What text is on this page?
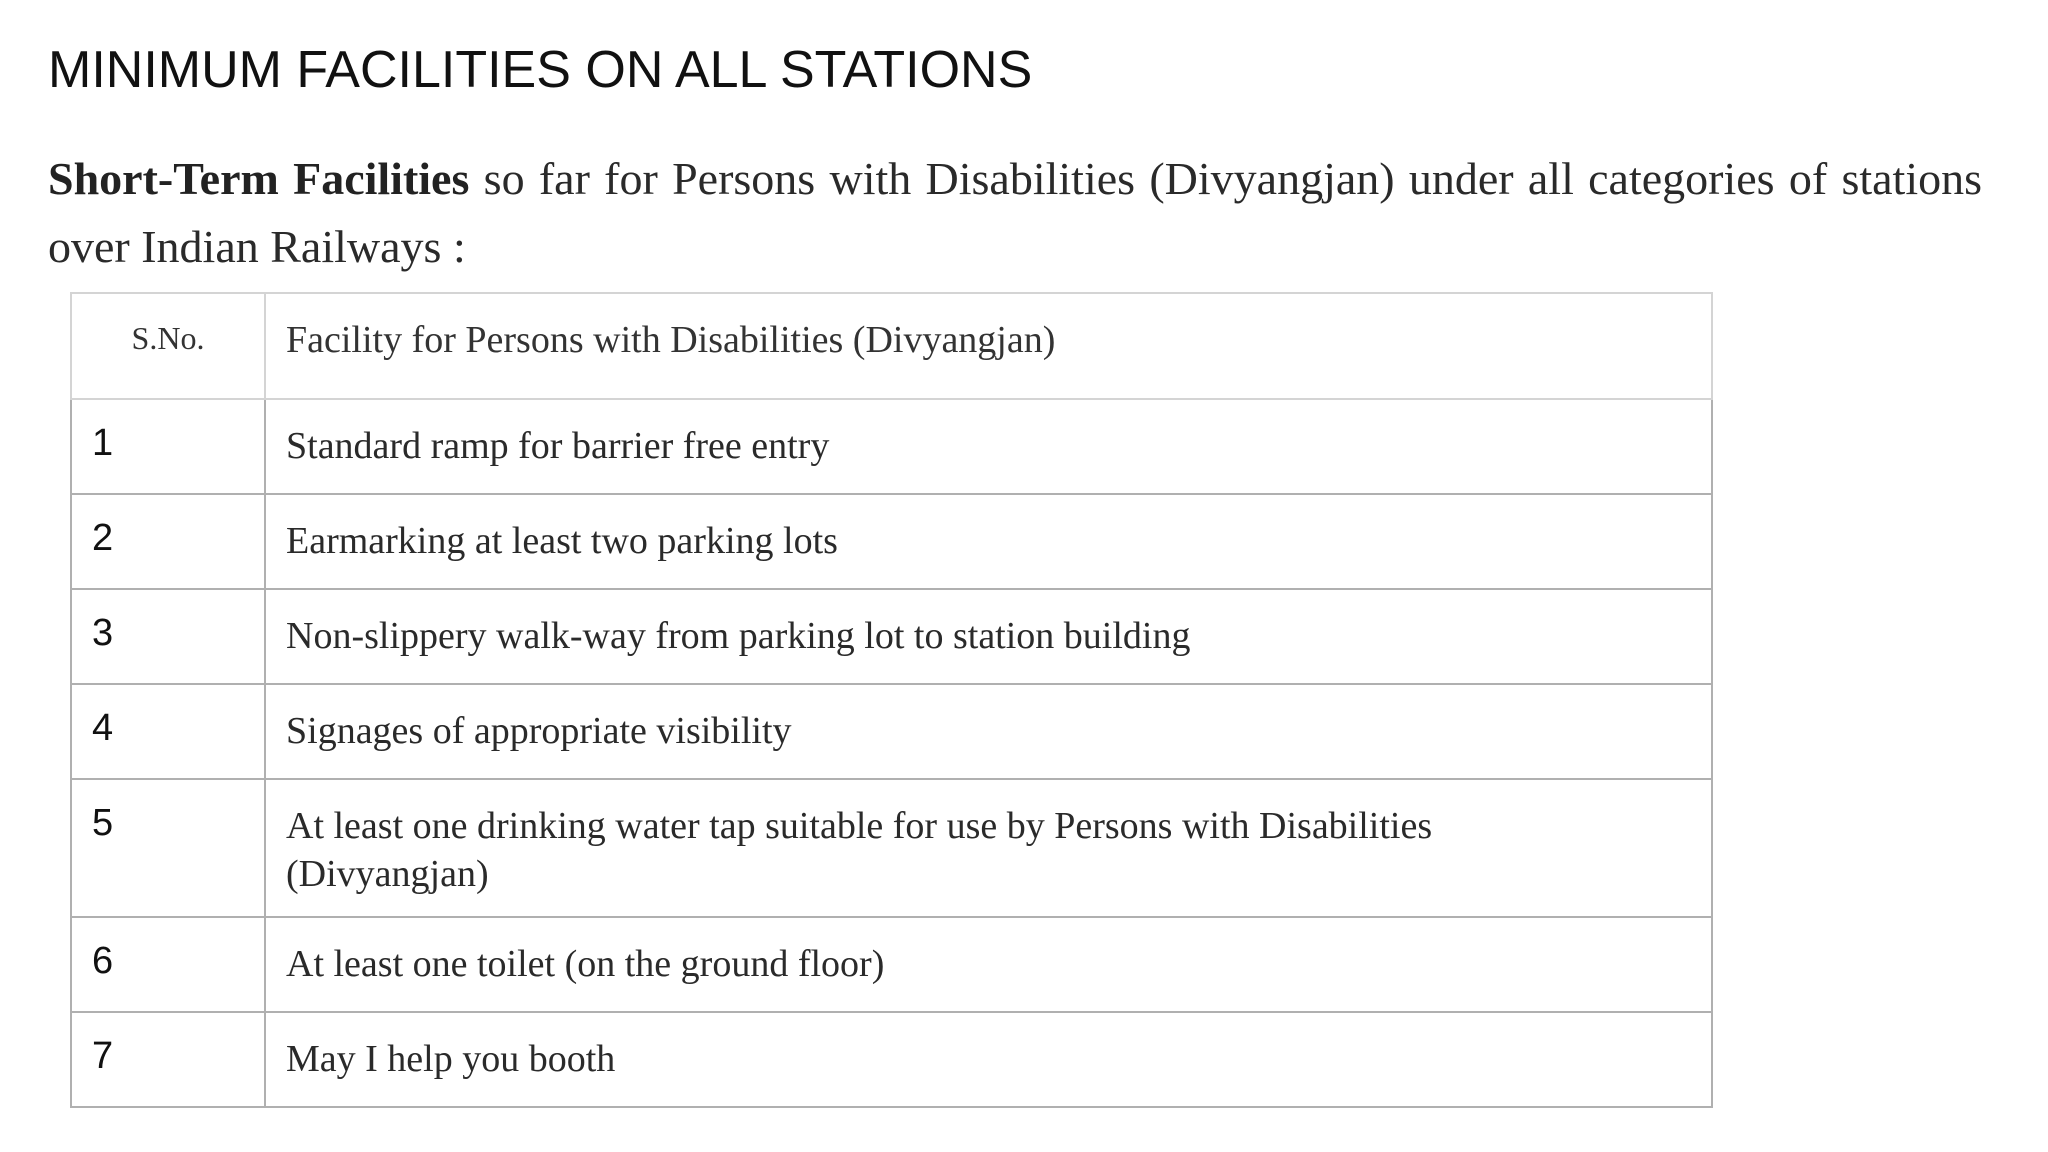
MINIMUM FACILITIES ON ALL STATIONS

Short-Term Facilities so far for Persons with Disabilities (Divyangjan) under all categories of stations over Indian Railways :

S.No.	Facility for Persons with Disabilities (Divyangjan)
1	Standard ramp for barrier free entry
2	Earmarking at least two parking lots
3	Non-slippery walk-way from parking lot to station building
4	Signages of appropriate visibility
5	At least one drinking water tap suitable for use by Persons with Disabilities (Divyangjan)

6	At least one toilet (on the ground floor)
7	May I help you booth
